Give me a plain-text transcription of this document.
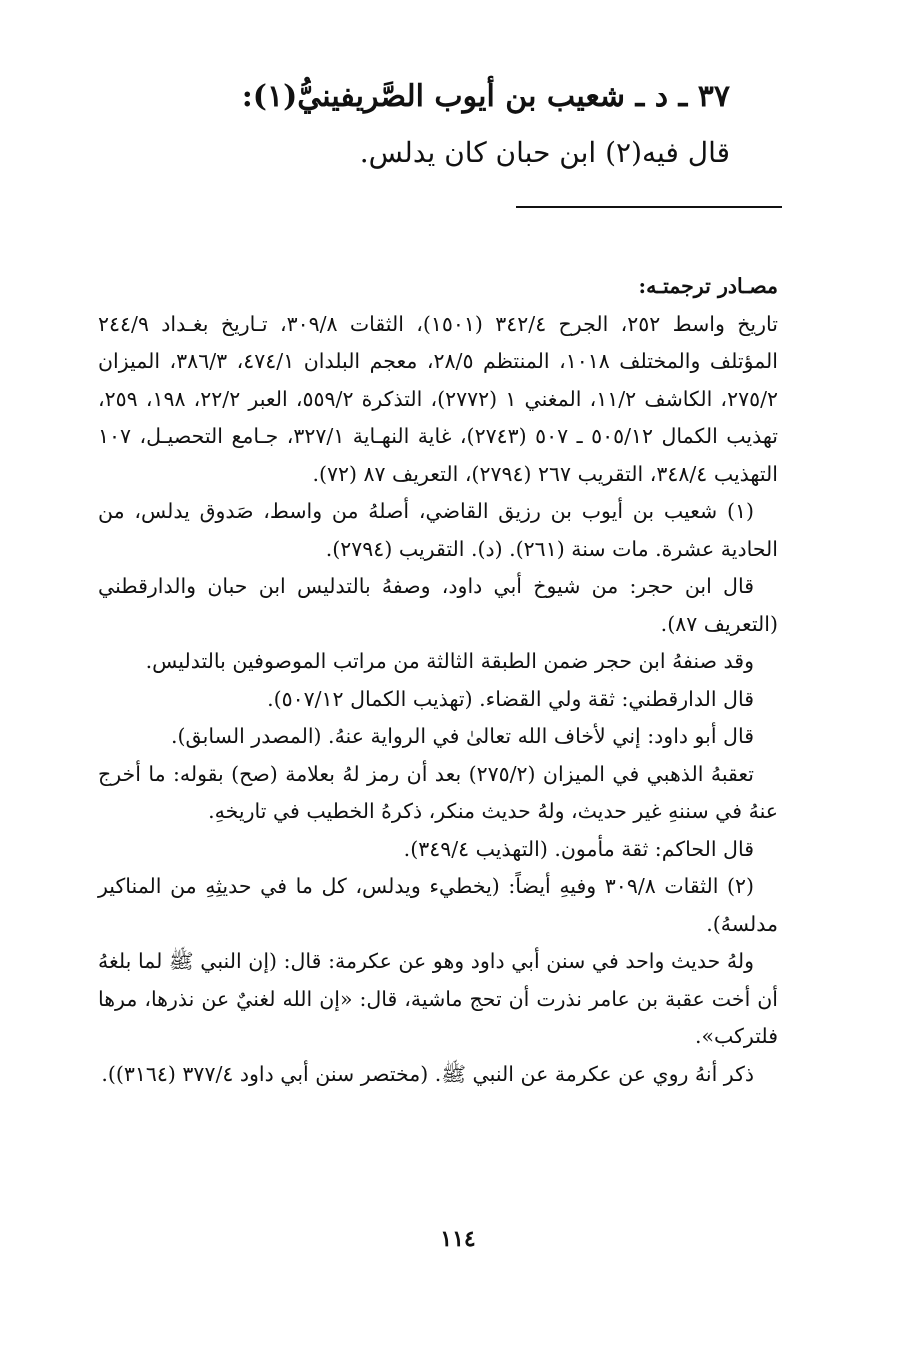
٣٧ ـ د ـ شعيب بن أيوب الصَّريفينيُّ(١):

قال فيه(٢) ابن حبان كان يدلس.

مصـادر ترجمتـه:

تاريخ واسط ٢٥٢، الجرح ٣٤٢/٤ (١٥٠١)، الثقات ٣٠٩/٨، تـاريخ بغـداد ٢٤٤/٩ المؤتلف والمختلف ١٠١٨، المنتظم ٢٨/٥، معجم البلدان ٤٧٤/١، ٣٨٦/٣، الميزان ٢٧٥/٢، الكاشف ١١/٢، المغني ١ (٢٧٧٢)، التذكرة ٥٥٩/٢، العبر ٢٢/٢، ١٩٨، ٢٥٩، تهذيب الكمال ٥٠٥/١٢ ـ ٥٠٧ (٢٧٤٣)، غاية النهـاية ٣٢٧/١، جـامع التحصيـل، ١٠٧ التهذيب ٣٤٨/٤، التقريب ٢٦٧ (٢٧٩٤)، التعريف ٨٧ (٧٢).

(١) شعيب بن أيوب بن رزيق القاضي، أصلهُ من واسط، صَدوق يدلس، من الحادية عشرة. مات سنة (٢٦١). (د). التقريب (٢٧٩٤).

قال ابن حجر: من شيوخ أبي داود، وصفهُ بالتدليس ابن حبان والدارقطني (التعريف ٨٧).

وقد صنفهُ ابن حجر ضمن الطبقة الثالثة من مراتب الموصوفين بالتدليس.

قال الدارقطني: ثقة ولي القضاء. (تهذيب الكمال ٥٠٧/١٢).

قال أبو داود: إني لأخاف الله تعالىٰ في الرواية عنهُ. (المصدر السابق).

تعقبهُ الذهبي في الميزان (٢٧٥/٢) بعد أن رمز لهُ بعلامة (صح) بقوله: ما أخرج عنهُ في سننهِ غير حديث، ولهُ حديث منكر، ذكرهُ الخطيب في تاريخهِ.

قال الحاكم: ثقة مأمون. (التهذيب ٣٤٩/٤).

(٢) الثقات ٣٠٩/٨ وفيهِ أيضاً: (يخطيء ويدلس، كل ما في حديثِهِ من المناكير مدلسهُ).

ولهُ حديث واحد في سنن أبي داود وهو عن عكرمة: قال: (إن النبي ﷺ لما بلغهُ أن أخت عقبة بن عامر نذرت أن تحج ماشية، قال: «إن الله لغنيٌ عن نذرها، مرها فلتركب».

ذكر أنهُ روي عن عكرمة عن النبي ﷺ. (مختصر سنن أبي داود ٣٧٧/٤ (٣١٦٤)).

١١٤
